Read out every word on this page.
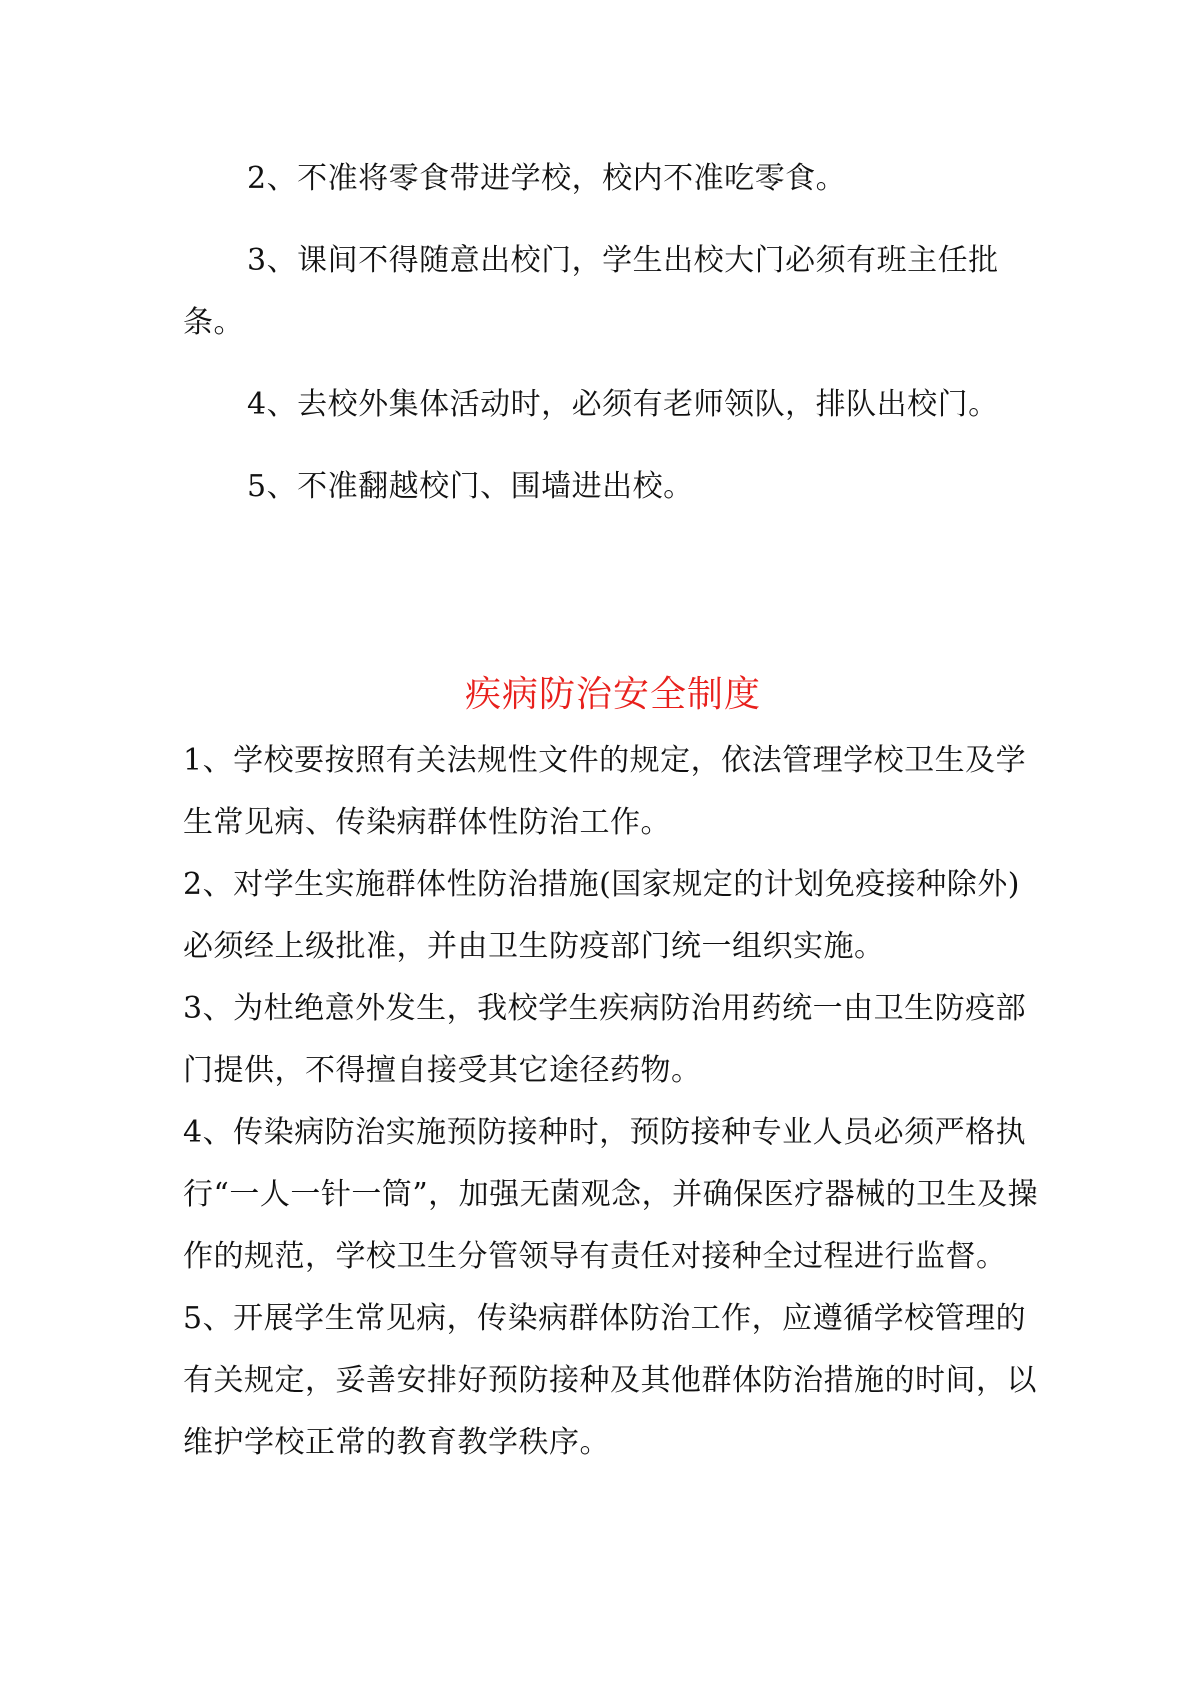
2、不准将零食带进学校，校内不准吃零食。

3、课间不得随意出校门，学生出校大门必须有班主任批条。

4、去校外集体活动时，必须有老师领队，排队出校门。

5、不准翻越校门、围墙进出校。

疾病防治安全制度

1、学校要按照有关法规性文件的规定，依法管理学校卫生及学生常见病、传染病群体性防治工作。

2、对学生实施群体性防治措施(国家规定的计划免疫接种除外)必须经上级批准，并由卫生防疫部门统一组织实施。

3、为杜绝意外发生，我校学生疾病防治用药统一由卫生防疫部门提供，不得擅自接受其它途径药物。

4、传染病防治实施预防接种时，预防接种专业人员必须严格执行“一人一针一筒”，加强无菌观念，并确保医疗器械的卫生及操作的规范，学校卫生分管领导有责任对接种全过程进行监督。

5、开展学生常见病，传染病群体防治工作，应遵循学校管理的有关规定，妥善安排好预防接种及其他群体防治措施的时间，以维护学校正常的教育教学秩序。
